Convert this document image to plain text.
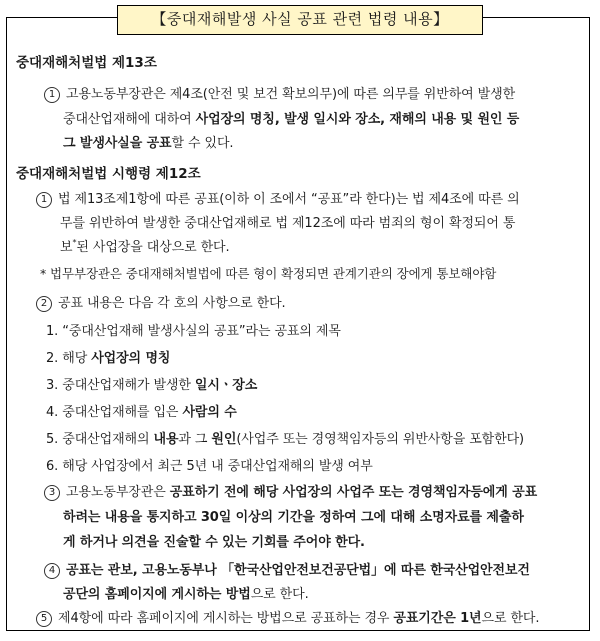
【중대재해발생 사실 공표 관련 법령 내용】
중대재해처벌법 제13조
1 고용노동부장관은 제4조(안전 및 보건 확보의무)에 따른 의무를 위반하여 발생한
중대산업재해에 대하여 사업장의 명칭, 발생 일시와 장소, 재해의 내용 및 원인 등
그 발생사실을 공표할 수 있다.
중대재해처벌법 시행령 제12조
1 법 제13조제1항에 따른 공표(이하 이 조에서 “공표”라 한다)는 법 제4조에 따른 의
무를 위반하여 발생한 중대산업재해로 법 제12조에 따라 범죄의 형이 확정되어 통
보*된 사업장을 대상으로 한다.
* 법무부장관은 중대재해처벌법에 따른 형이 확정되면 관계기관의 장에게 통보해야함
2 공표 내용은 다음 각 호의 사항으로 한다.
1. “중대산업재해 발생사실의 공표”라는 공표의 제목
2. 해당 사업장의 명칭
3. 중대산업재해가 발생한 일시ㆍ장소
4. 중대산업재해를 입은 사람의 수
5. 중대산업재해의 내용과 그 원인(사업주 또는 경영책임자등의 위반사항을 포함한다)
6. 해당 사업장에서 최근 5년 내 중대산업재해의 발생 여부
3 고용노동부장관은 공표하기 전에 해당 사업장의 사업주 또는 경영책임자등에게 공표
하려는 내용을 통지하고 30일 이상의 기간을 정하여 그에 대해 소명자료를 제출하
게 하거나 의견을 진술할 수 있는 기회를 주어야 한다.
4 공표는 관보, 고용노동부나 「한국산업안전보건공단법」에 따른 한국산업안전보건
공단의 홈페이지에 게시하는 방법으로 한다.
5 제4항에 따라 홈페이지에 게시하는 방법으로 공표하는 경우 공표기간은 1년으로 한다.
